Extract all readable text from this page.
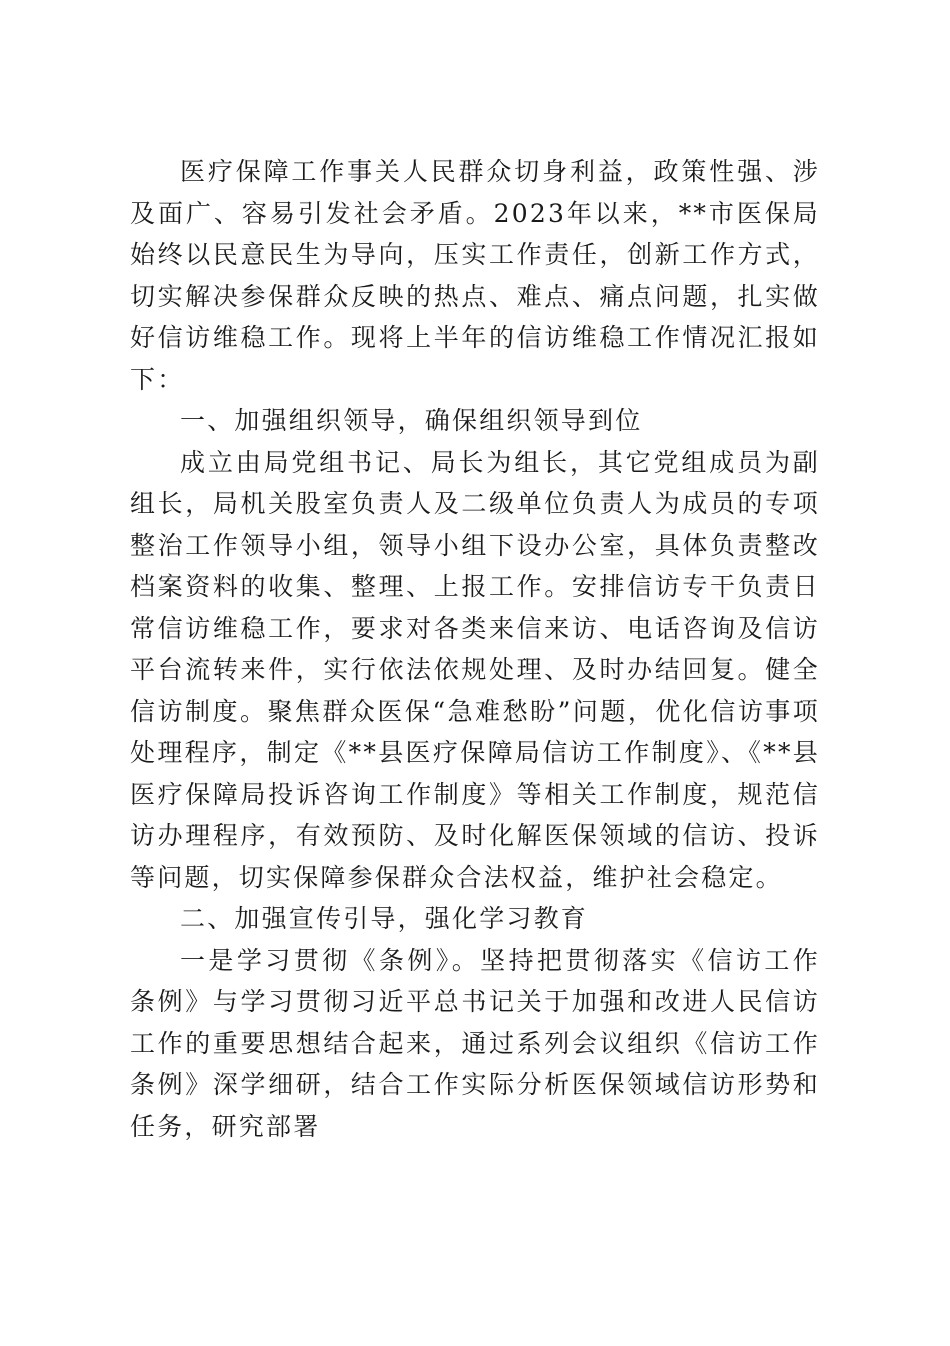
医疗保障工作事关人民群众切身利益，政策性强、涉及面广、容易引发社会矛盾。2023年以来，**市医保局始终以民意民生为导向，压实工作责任，创新工作方式，切实解决参保群众反映的热点、难点、痛点问题，扎实做好信访维稳工作。现将上半年的信访维稳工作情况汇报如下：

一、加强组织领导，确保组织领导到位

成立由局党组书记、局长为组长，其它党组成员为副组长，局机关股室负责人及二级单位负责人为成员的专项整治工作领导小组，领导小组下设办公室，具体负责整改档案资料的收集、整理、上报工作。安排信访专干负责日常信访维稳工作，要求对各类来信来访、电话咨询及信访平台流转来件，实行依法依规处理、及时办结回复。健全信访制度。聚焦群众医保“急难愁盼”问题，优化信访事项处理程序，制定《**县医疗保障局信访工作制度》、《**县医疗保障局投诉咨询工作制度》等相关工作制度，规范信访办理程序，有效预防、及时化解医保领域的信访、投诉等问题，切实保障参保群众合法权益，维护社会稳定。

二、加强宣传引导，强化学习教育

一是学习贯彻《条例》。坚持把贯彻落实《信访工作条例》与学习贯彻习近平总书记关于加强和改进人民信访工作的重要思想结合起来，通过系列会议组织《信访工作条例》深学细研，结合工作实际分析医保领域信访形势和任务，研究部署
